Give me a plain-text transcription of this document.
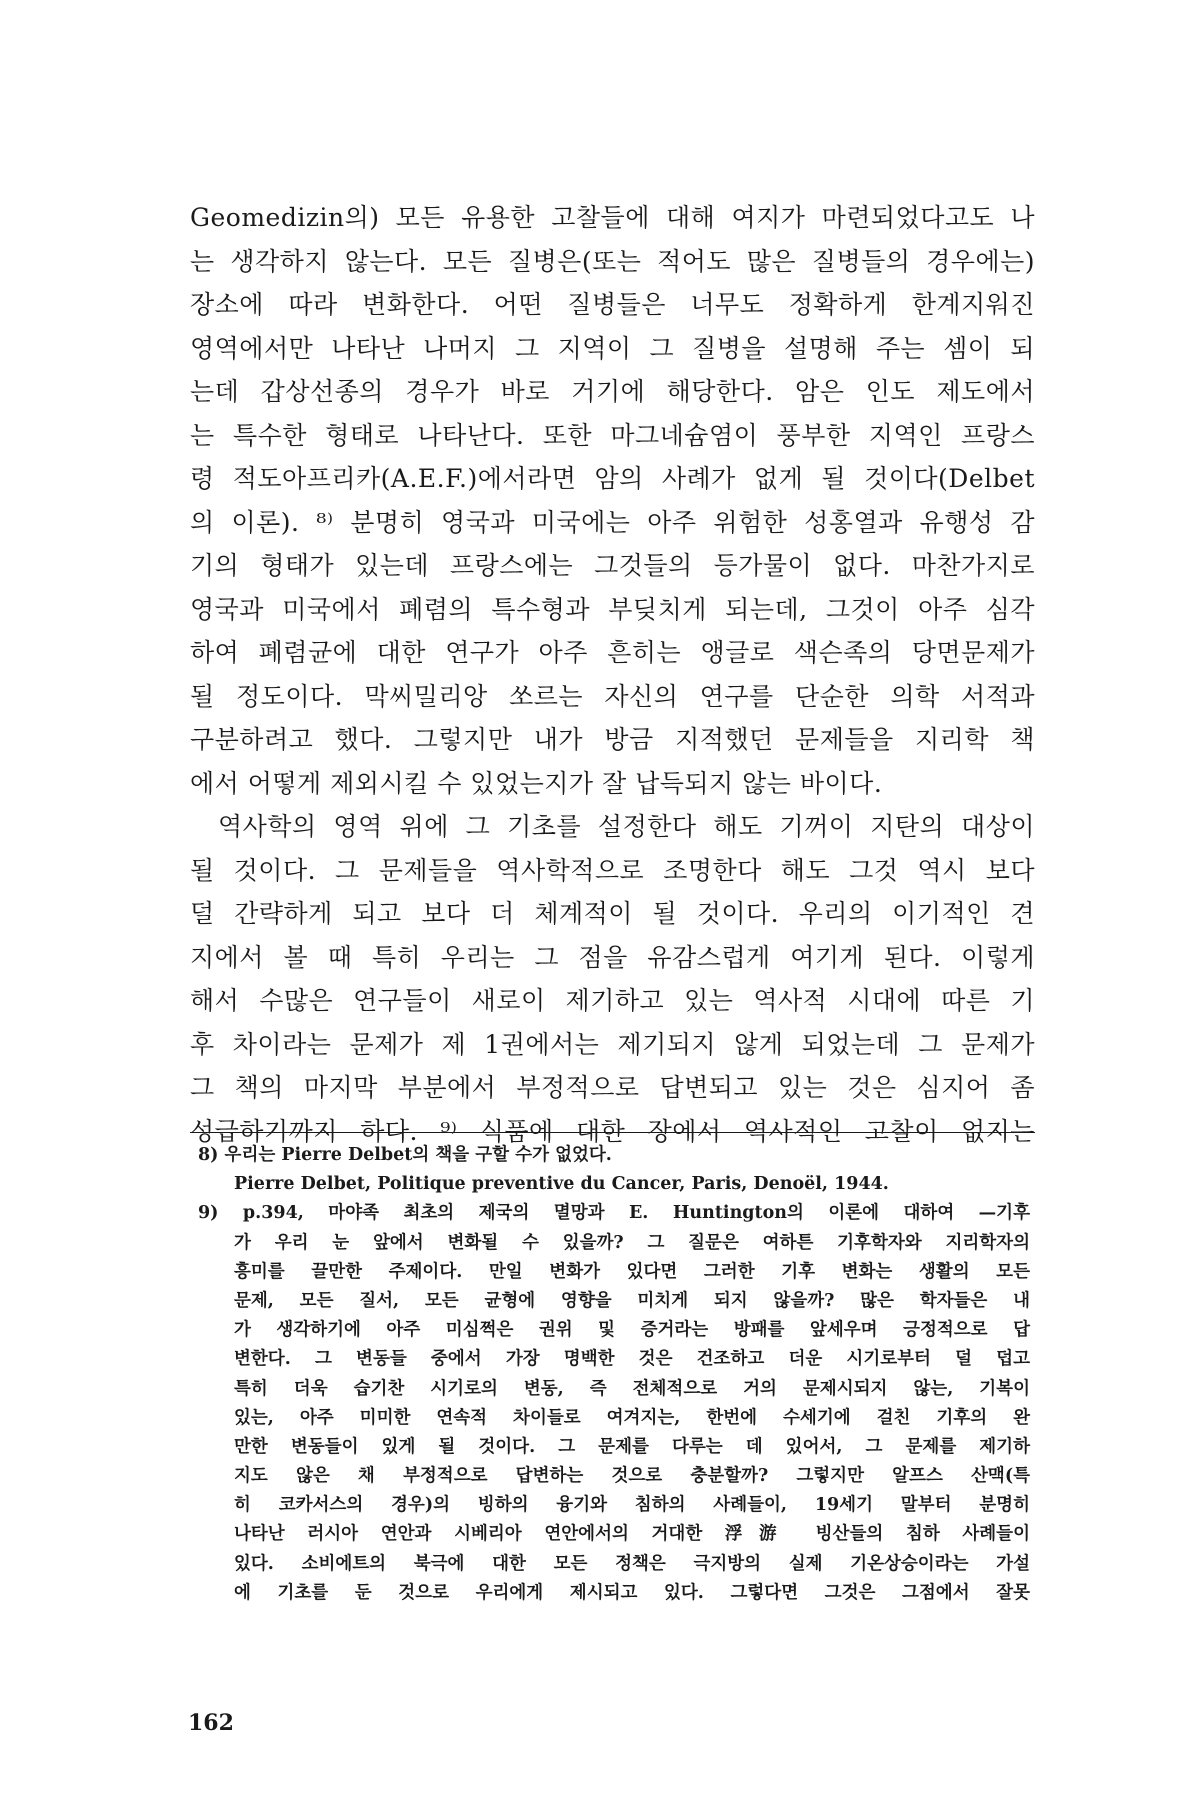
Geomedizin의) 모든 유용한 고찰들에 대해 여지가 마련되었다고도 나
는 생각하지 않는다. 모든 질병은(또는 적어도 많은 질병들의 경우에는)
장소에 따라 변화한다. 어떤 질병들은 너무도 정확하게 한계지워진
영역에서만 나타난 나머지 그 지역이 그 질병을 설명해 주는 셈이 되
는데 갑상선종의 경우가 바로 거기에 해당한다. 암은 인도 제도에서
는 특수한 형태로 나타난다. 또한 마그네슘염이 풍부한 지역인 프랑스
령 적도아프리카(A.E.F.)에서라면 암의 사례가 없게 될 것이다(Delbet
의 이론). ⁸⁾ 분명히 영국과 미국에는 아주 위험한 성홍열과 유행성 감
기의 형태가 있는데 프랑스에는 그것들의 등가물이 없다. 마찬가지로
영국과 미국에서 폐렴의 특수형과 부딪치게 되는데, 그것이 아주 심각
하여 폐렴균에 대한 연구가 아주 흔히는 앵글로 색슨족의 당면문제가
될 정도이다. 막씨밀리앙 쏘르는 자신의 연구를 단순한 의학 서적과
구분하려고 했다. 그렇지만 내가 방금 지적했던 문제들을 지리학 책
에서 어떻게 제외시킬 수 있었는지가 잘 납득되지 않는 바이다.
역사학의 영역 위에 그 기초를 설정한다 해도 기꺼이 지탄의 대상이
될 것이다. 그 문제들을 역사학적으로 조명한다 해도 그것 역시 보다
덜 간략하게 되고 보다 더 체계적이 될 것이다. 우리의 이기적인 견
지에서 볼 때 특히 우리는 그 점을 유감스럽게 여기게 된다. 이렇게
해서 수많은 연구들이 새로이 제기하고 있는 역사적 시대에 따른 기
후 차이라는 문제가 제 1권에서는 제기되지 않게 되었는데 그 문제가
그 책의 마지막 부분에서 부정적으로 답변되고 있는 것은 심지어 좀
성급하기까지 하다. ⁹⁾ 식품에 대한 장에서 역사적인 고찰이 없지는
8) 우리는 Pierre Delbet의 책을 구할 수가 없었다.
Pierre Delbet, Politique preventive du Cancer, Paris, Denoël, 1944.
9) p.394, 마야족 최초의 제국의 멸망과 E. Huntington의 이론에 대하여 —기후
가 우리 눈 앞에서 변화될 수 있을까? 그 질문은 여하튼 기후학자와 지리학자의
흥미를 끌만한 주제이다. 만일 변화가 있다면 그러한 기후 변화는 생활의 모든
문제, 모든 질서, 모든 균형에 영향을 미치게 되지 않을까? 많은 학자들은 내
가 생각하기에 아주 미심쩍은 권위 및 증거라는 방패를 앞세우며 긍정적으로 답
변한다. 그 변동들 중에서 가장 명백한 것은 건조하고 더운 시기로부터 덜 덥고
특히 더욱 습기찬 시기로의 변동, 즉 전체적으로 거의 문제시되지 않는, 기복이
있는, 아주 미미한 연속적 차이들로 여겨지는, 한번에 수세기에 걸친 기후의 완
만한 변동들이 있게 될 것이다. 그 문제를 다루는 데 있어서, 그 문제를 제기하
지도 않은 채 부정적으로 답변하는 것으로 충분할까? 그렇지만 알프스 산맥(특
히 코카서스의 경우)의 빙하의 융기와 침하의 사례들이, 19세기 말부터 분명히
나타난 러시아 연안과 시베리아 연안에서의 거대한 浮游 빙산들의 침하 사례들이
있다. 소비에트의 북극에 대한 모든 정책은 극지방의 실제 기온상승이라는 가설
에 기초를 둔 것으로 우리에게 제시되고 있다. 그렇다면 그것은 그점에서 잘못
162
